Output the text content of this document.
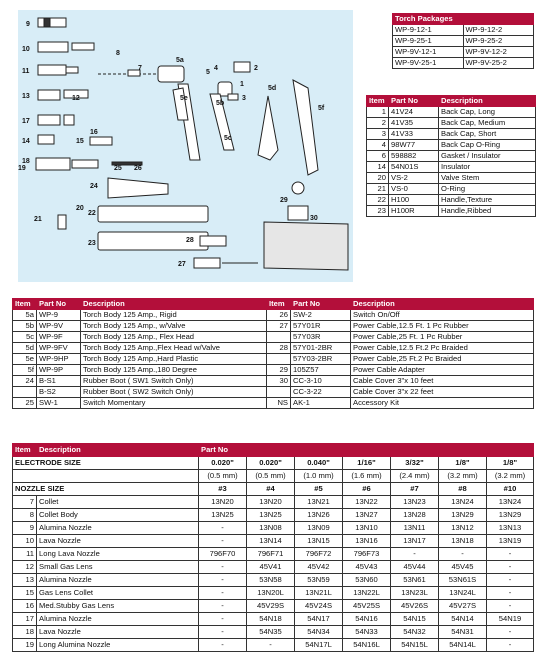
9
10
11
12
13
17
14	15
16
18
19
7
8
5a
5
2
4
3
1
5b
5e
5d
5f
5c
20
21
22
23
24
25 26
27
28
29
30
Torch Packages	
WP-9-12-1	WP-9-12-2
WP-9-25-1	WP-9-25-2
WP-9V-12-1	WP-9V-12-2
WP-9V-25-1	WP-9V-25-2
Item	Part No	Description
1	41V24	Back Cap, Long
2	41V35	Back Cap, Medium
3	41V33	Back Cap, Short
4	98W77	Back Cap O-Ring
6	598882	Gasket / Insulator
14	54N01S	Insulator
20	VS-2	Valve Stem
21	VS-0	O-Ring
22	H100	Handle,Texture
23	H100R	Handle,Ribbed
Item	Part No	Description	Item	Part No	Description
5a	WP-9	Torch Body 125 Amp., Rigid	26	SW-2	Switch On/Off
5b	WP-9V	Torch Body 125 Amp., w/Valve	27	57Y01R	Power Cable,12.5 Ft. 1 Pc Rubber
5c	WP-9F	Torch Body 125 Amp., Flex Head		57Y03R	Power Cable,25 Ft. 1 Pc Rubber
5d	WP-9FV	Torch Body 125 Amp.,Flex Head w/Valve	28	57Y01-2BR	Power Cable,12.5 Ft.2 Pc Braided
5e	WP-9HP	Torch Body 125 Amp.,Hard Plastic		57Y03-2BR	Power Cable,25 Ft.2 Pc Braided
5f	WP-9P	Torch Body 125 Amp.,180 Degree	29	105Z57	Power Cable Adapter
24	B-S1	Rubber Boot ( SW1 Switch Only)	30	CC-3-10	Cable Cover 3"x 10 feet
	B-S2	Rubber Boot ( SW2 Switch Only)		CC-3-22	Cable Cover 3"x 22 feet
25	SW-1	Switch Momentary	NS	AK-1	Accessory Kit
Item	Description	Part No						
ELECTRODE SIZE		0.020"	0.020"	0.040"	1/16"	3/32"	1/8"	1/8"
		(0.5 mm)	(0.5 mm)	(1.0 mm)	(1.6 mm)	(2.4 mm)	(3.2 mm)	(3.2 mm)
NOZZLE SIZE		#3	#4	#5	#6	#7	#8	#10
7	Collet	13N20	13N20	13N21	13N22	13N23	13N24	13N24
8	Collet Body	13N25	13N25	13N26	13N27	13N28	13N29	13N29
9	Alumina Nozzle	-	13N08	13N09	13N10	13N11	13N12	13N13
10	Lava Nozzle	-	13N14	13N15	13N16	13N17	13N18	13N19
11	Long Lava Nozzle	796F70	796F71	796F72	796F73	-	-	-
12	Small Gas Lens	-	45V41	45V42	45V43	45V44	45V45	-
13	Alumina Nozzle	-	53N58	53N59	53N60	53N61	53N61S	-
15	Gas Lens Collet	-	13N20L	13N21L	13N22L	13N23L	13N24L	-
16	Med.Stubby Gas Lens	-	45V29S	45V24S	45V25S	45V26S	45V27S	-
17	Alumina Nozzle	-	54N18	54N17	54N16	54N15	54N14	54N19
18	Lava Nozzle	-	54N35	54N34	54N33	54N32	54N31	-
19	Long Alumina Nozzle	-	-	54N17L	54N16L	54N15L	54N14L	-
